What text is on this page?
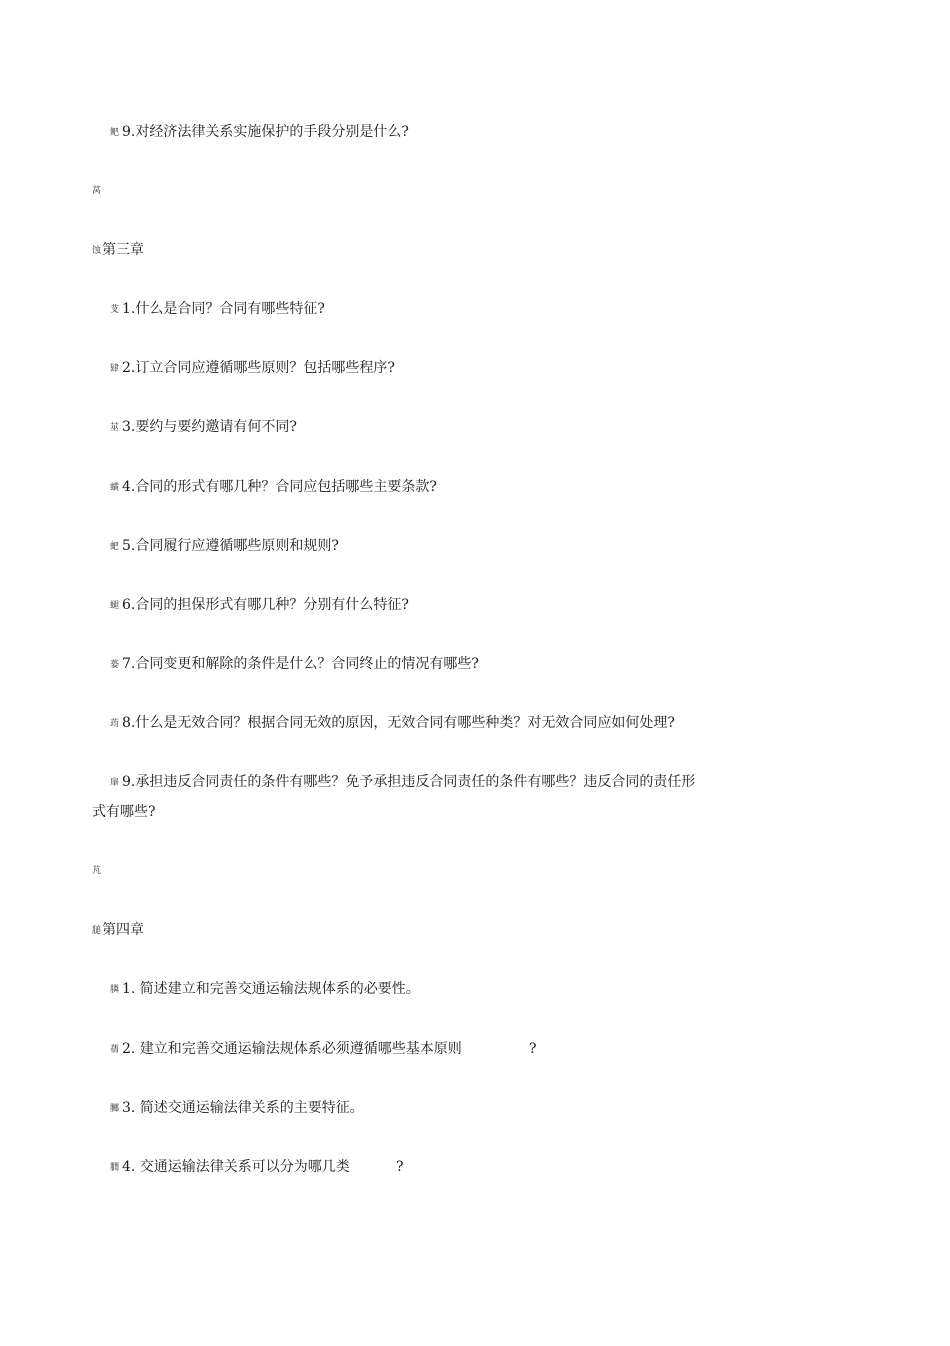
鲃 9.对经济法律关系实施保护的手段分别是什么?
莴
蚀第三章
芆 1.什么是合同？合同有哪些特征?
肄 2.订立合同应遵循哪些原则？包括哪些程序?
莁 3.要约与要约邀请有何不同?
蟥 4.合同的形式有哪几种？合同应包括哪些主要条款?
蚆 5.合同履行应遵循哪些原则和规则?
螁 6.合同的担保形式有哪几种？分别有什么特征?
蒆 7.合同变更和解除的条件是什么？合同终止的情况有哪些?
荺 8.什么是无效合同？根据合同无效的原因，无效合同有哪些种类？对无效合同应如何处理?
肁 9.承担违反合同责任的条件有哪些？免予承担违反合同责任的条件有哪些？违反合同的责任形
式有哪些?
芃
膇第四章
膦 1. 简述建立和完善交通运输法规体系的必要性。
蒨 2. 建立和完善交通运输法规体系必须遵循哪些基本原则	?
膷 3. 简述交通运输法律关系的主要特征。
膶 4. 交通运输法律关系可以分为哪几类	?
